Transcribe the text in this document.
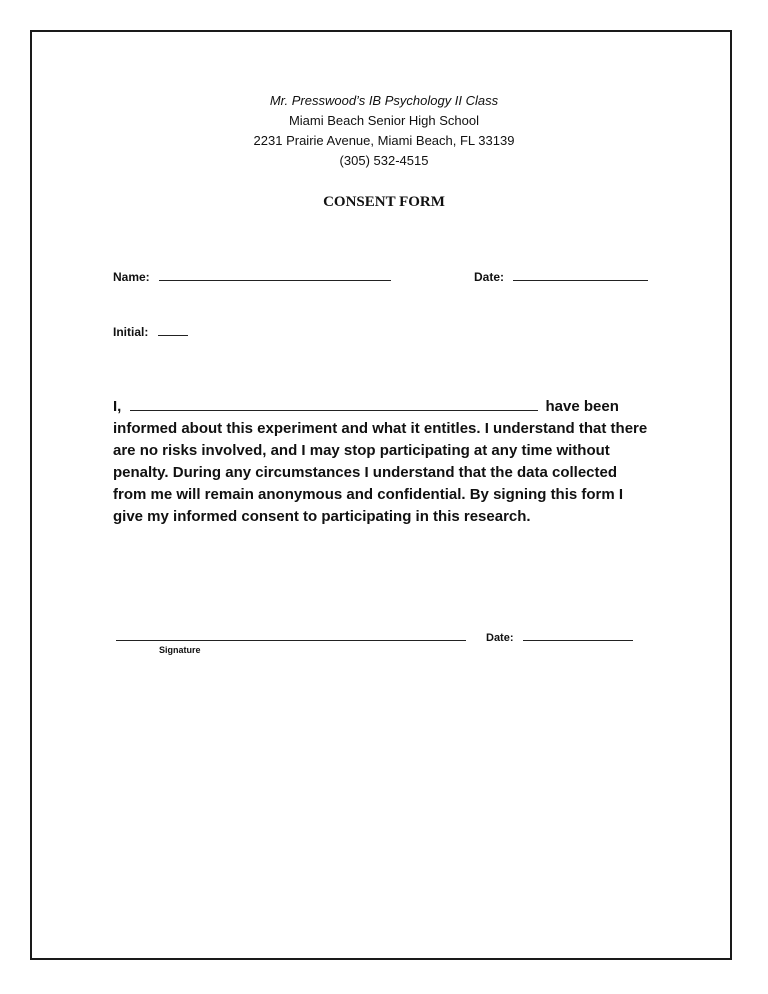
Mr. Presswood’s IB Psychology II Class
Miami Beach Senior High School
2231 Prairie Avenue, Miami Beach, FL 33139
(305) 532-4515
CONSENT FORM
Name:	Date:
Initial:
I,	have been informed about this experiment and what it entitles. I understand that there are no risks involved, and I may stop participating at any time without penalty. During any circumstances I understand that the data collected from me will remain anonymous and confidential. By signing this form I give my informed consent to participating in this research.
Signature
Date:
